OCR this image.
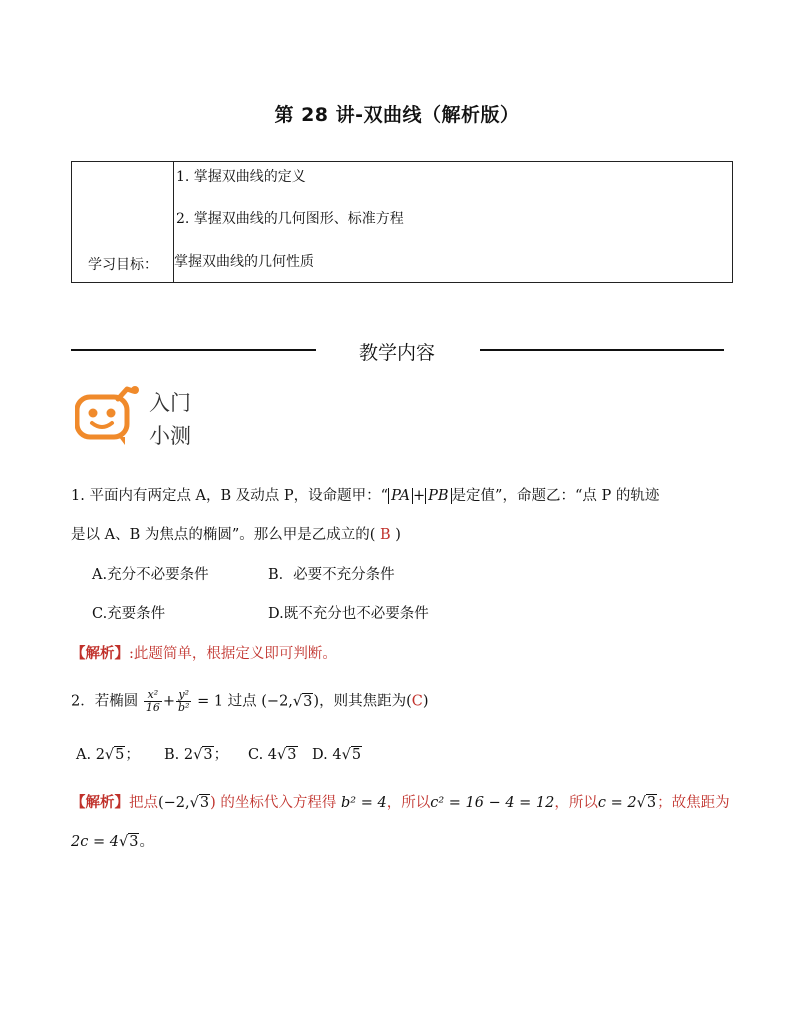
第 28 讲-双曲线（解析版）
学习目标：
1. 掌握双曲线的定义
2. 掌握双曲线的几何图形、标准方程
掌握双曲线的几何性质
教学内容
入门
小测
1. 平面内有两定点 A，B 及动点 P，设命题甲：“ PA + PB 是定值”，命题乙：“点 P 的轨迹
是以 A、B 为焦点的椭圆”。那么甲是乙成立的( B )
A.充分不必要条件	B．必要不充分条件
C.充要条件	D.既不充分也不必要条件
【解析】:此题简单，根据定义即可判断。
2．若椭圆 $\frac{\text{x²}}{16} + \frac{\text{y²}}{\text{b²}} = 1$ 过点 (−2,√3)，则其焦距为(C)
A. 2√5； B. 2√3； C. 4√3 D. 4√5
【解析】把点(−2,√3) 的坐标代入方程得 b² = 4，所以c² = 16 − 4 = 12，所以c = 2√3；故焦距为
2c = 4√3。
